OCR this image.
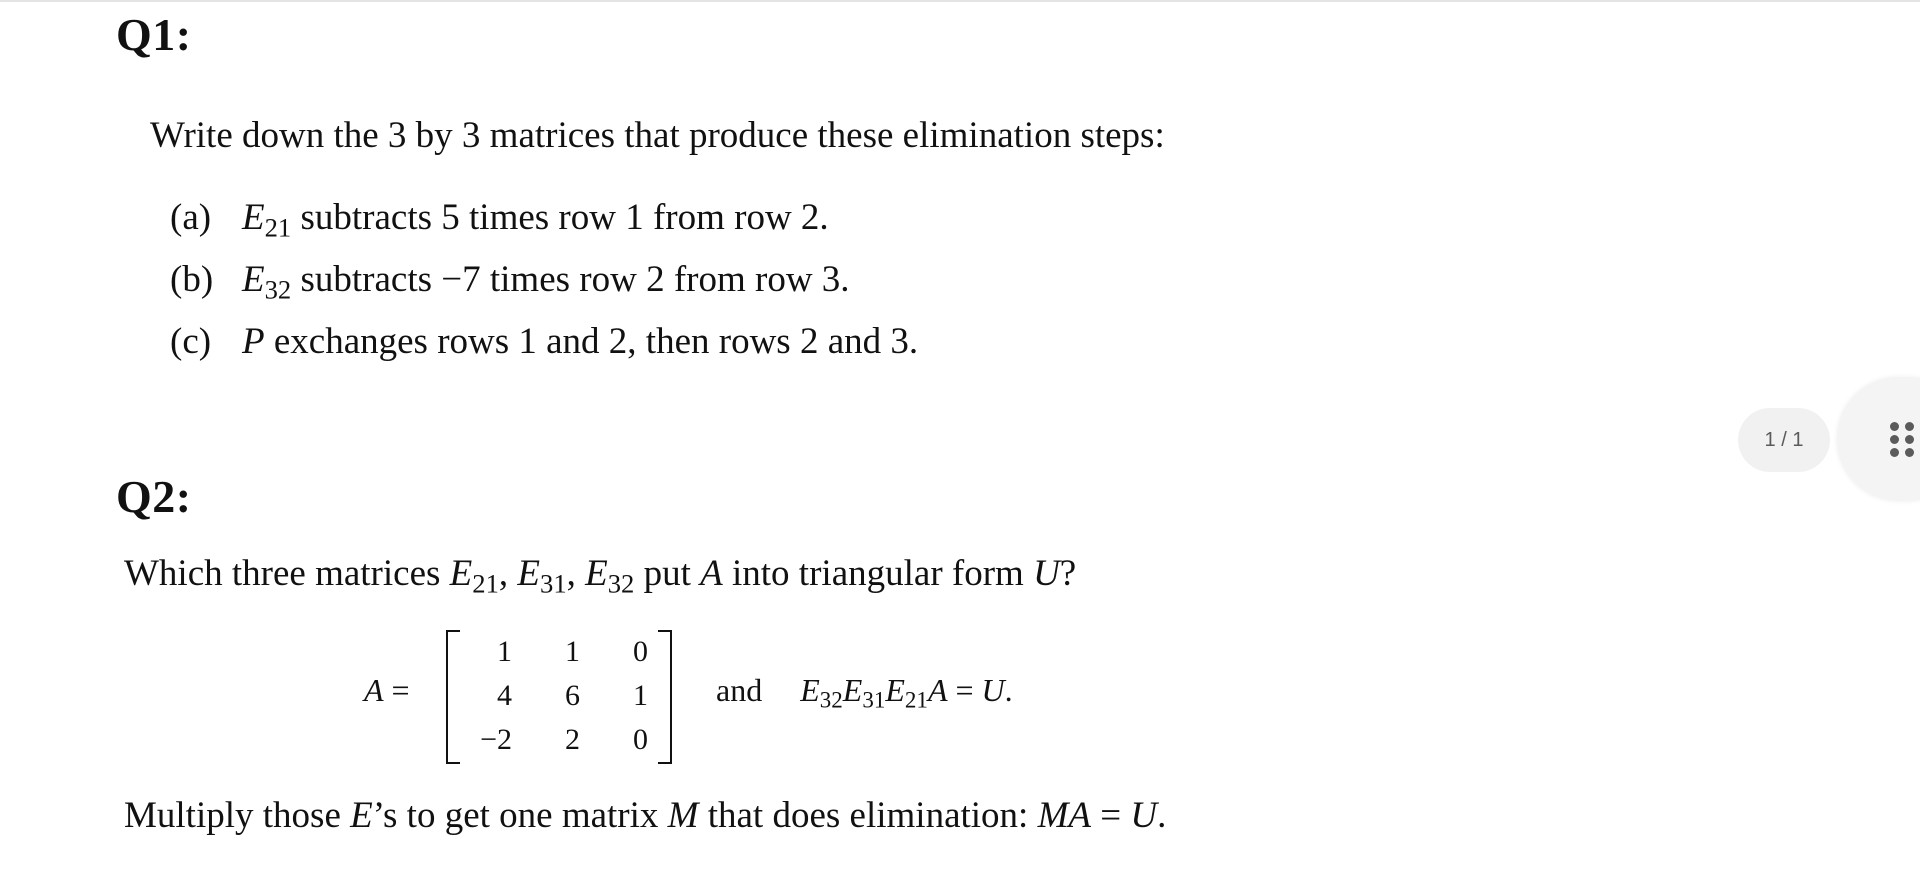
Q1:
Write down the 3 by 3 matrices that produce these elimination steps:
(a) $E_{21}$ subtracts 5 times row 1 from row 2.
(b) $E_{32}$ subtracts −7 times row 2 from row 3.
(c) P exchanges rows 1 and 2, then rows 2 and 3.
Q2:
Which three matrices $E_{21}$, $E_{31}$, $E_{32}$ put A into triangular form U?
A =
1	1	0
4	6	1
−2	2	0
and $E_{32}E_{31}E_{21}A = U$.
Multiply those E’s to get one matrix M that does elimination: MA = U.
1 / 1
